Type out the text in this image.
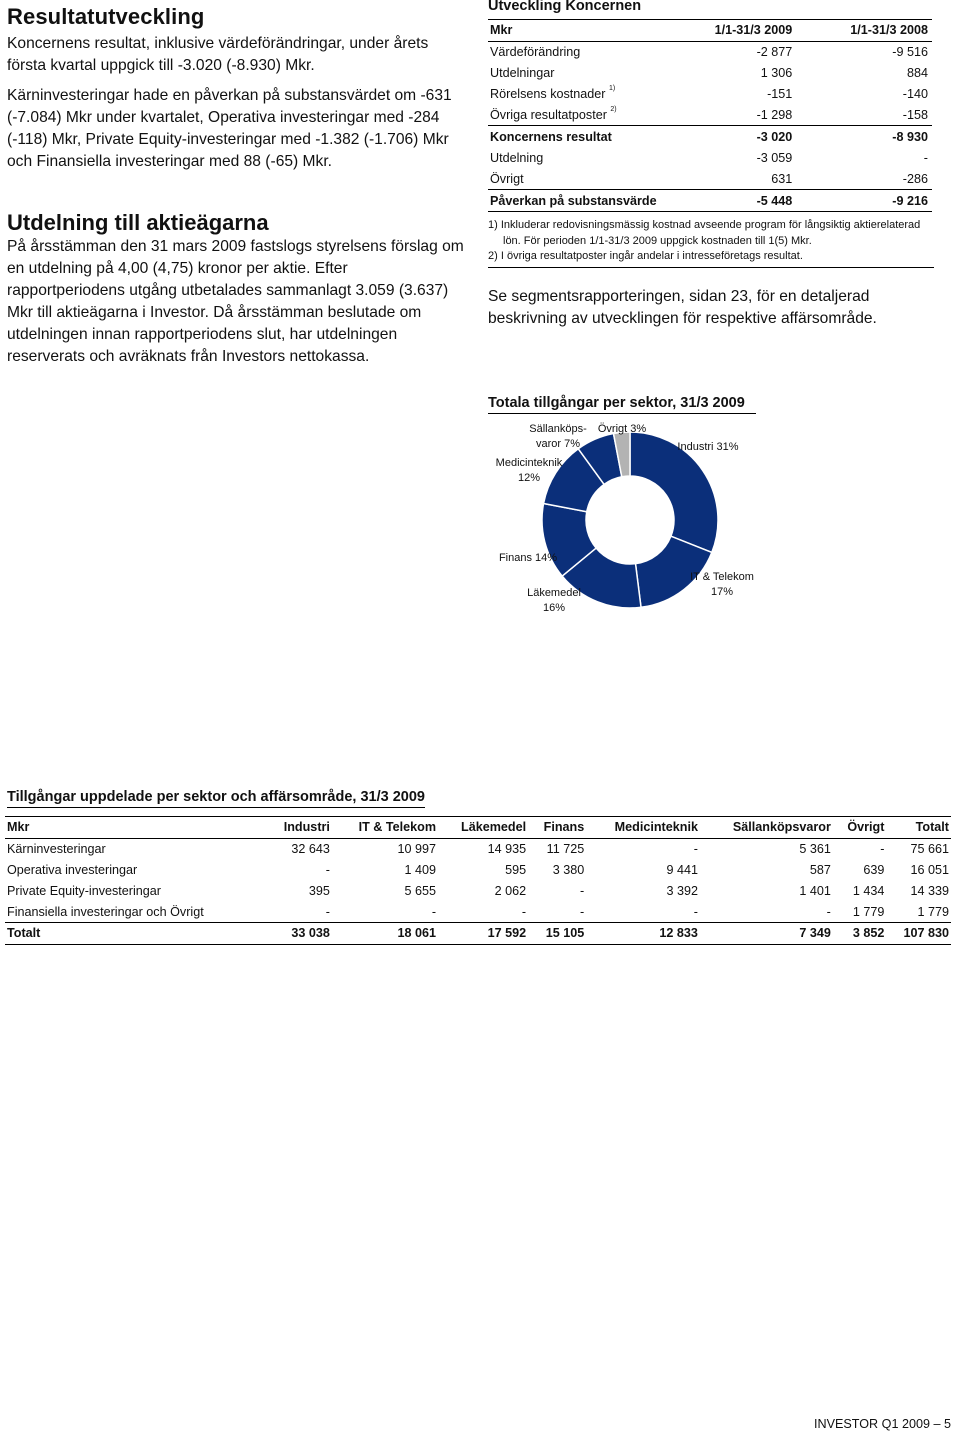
Resultatutveckling

Koncernens resultat, inklusive värdeförändringar, under årets första kvartal uppgick till -3.020 (-8.930) Mkr.

Kärninvesteringar hade en påverkan på substansvärdet om -631 (-7.084) Mkr under kvartalet, Operativa investeringar med -284 (-118) Mkr, Private Equity-investeringar med -1.382 (-1.706) Mkr och Finansiella investeringar med 88 (-65) Mkr.

Utdelning till aktieägarna

På årsstämman den 31 mars 2009 fastslogs styrelsens förslag om en utdelning på 4,00 (4,75) kronor per aktie. Efter rapportperiodens utgång utbetalades sammanlagt 3.059 (3.637) Mkr till aktieägarna i Investor. Då årsstämman beslutade om utdelningen innan rapportperiodens slut, har utdelningen reserverats och avräknats från Investors nettokassa.

Utveckling Koncernen
Mkr	1/1-31/3 2009	1/1-31/3 2008
Värdeförändring	-2 877	-9 516
Utdelningar	1 306	884
Rörelsens kostnader $^{1)}$	-151	-140
Övriga resultatposter $^{2)}$	-1 298	-158
Koncernens resultat	-3 020	-8 930
Utdelning	-3 059	-
Övrigt	631	-286
Påverkan på substansvärde	-5 448	-9 216
1) Inkluderar redovisningsmässig kostnad avseende program för långsiktig aktierelaterad
lön. För perioden 1/1-31/3 2009 uppgick kostnaden till 1(5) Mkr.
2) I övriga resultatposter ingår andelar i intresseföretags resultat.

Se segmentsrapporteringen, sidan 23, för en detaljerad beskrivning av utvecklingen för respektive affärsområde.

Totala tillgångar per sektor, 31/3 2009
Industri 31%
IT & Telekom
17%
Läkemedel
16%
Finans 14%
Medicinteknik
12%
Sällanköps-
varor 7%
Övrigt 3%
Tillgångar uppdelade per sektor och affärsområde, 31/3 2009
Mkr	Industri	IT & Telekom	Läkemedel	Finans	Medicinteknik	Sällanköpsvaror	Övrigt	Totalt
Kärninvesteringar	32 643	10 997	14 935	11 725	-	5 361	-	75 661
Operativa investeringar	-	1 409	595	3 380	9 441	587	639	16 051
Private Equity-investeringar	395	5 655	2 062	-	3 392	1 401	1 434	14 339
Finansiella investeringar och Övrigt	-	-	-	-	-	-	1 779	1 779
Totalt	33 038	18 061	17 592	15 105	12 833	7 349	3 852	107 830
INVESTOR Q1 2009 – 5
